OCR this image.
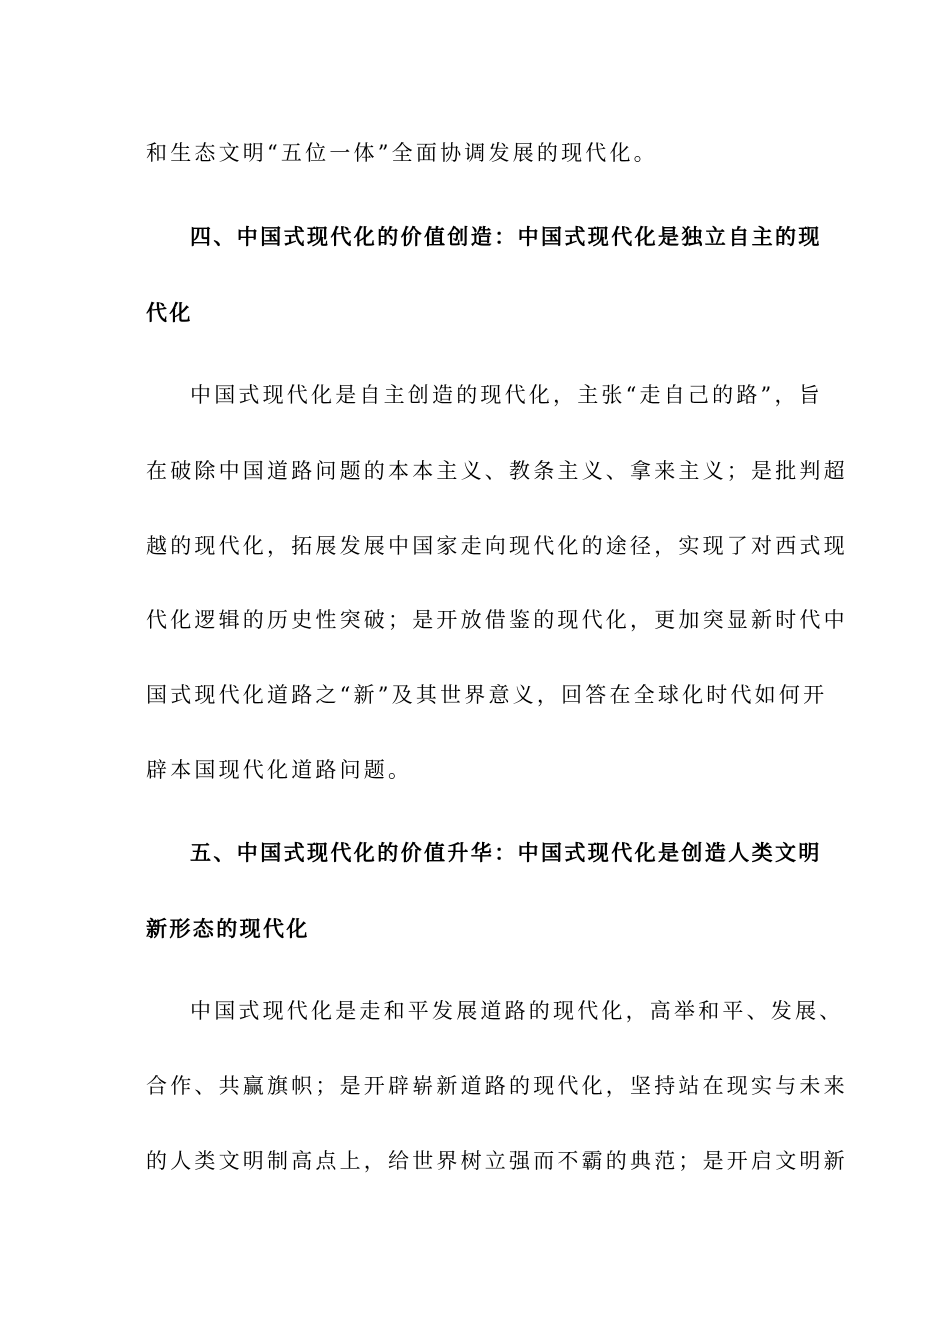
和生态文明“五位一体”全面协调发展的现代化。
四、中国式现代化的价值创造：中国式现代化是独立自主的现
代化
中国式现代化是自主创造的现代化，主张“走自己的路”，旨
在破除中国道路问题的本本主义、教条主义、拿来主义；是批判超
越的现代化，拓展发展中国家走向现代化的途径，实现了对西式现
代化逻辑的历史性突破；是开放借鉴的现代化，更加突显新时代中
国式现代化道路之“新”及其世界意义，回答在全球化时代如何开
辟本国现代化道路问题。
五、中国式现代化的价值升华：中国式现代化是创造人类文明
新形态的现代化
中国式现代化是走和平发展道路的现代化，高举和平、发展、
合作、共赢旗帜；是开辟崭新道路的现代化，坚持站在现实与未来
的人类文明制高点上，给世界树立强而不霸的典范；是开启文明新
